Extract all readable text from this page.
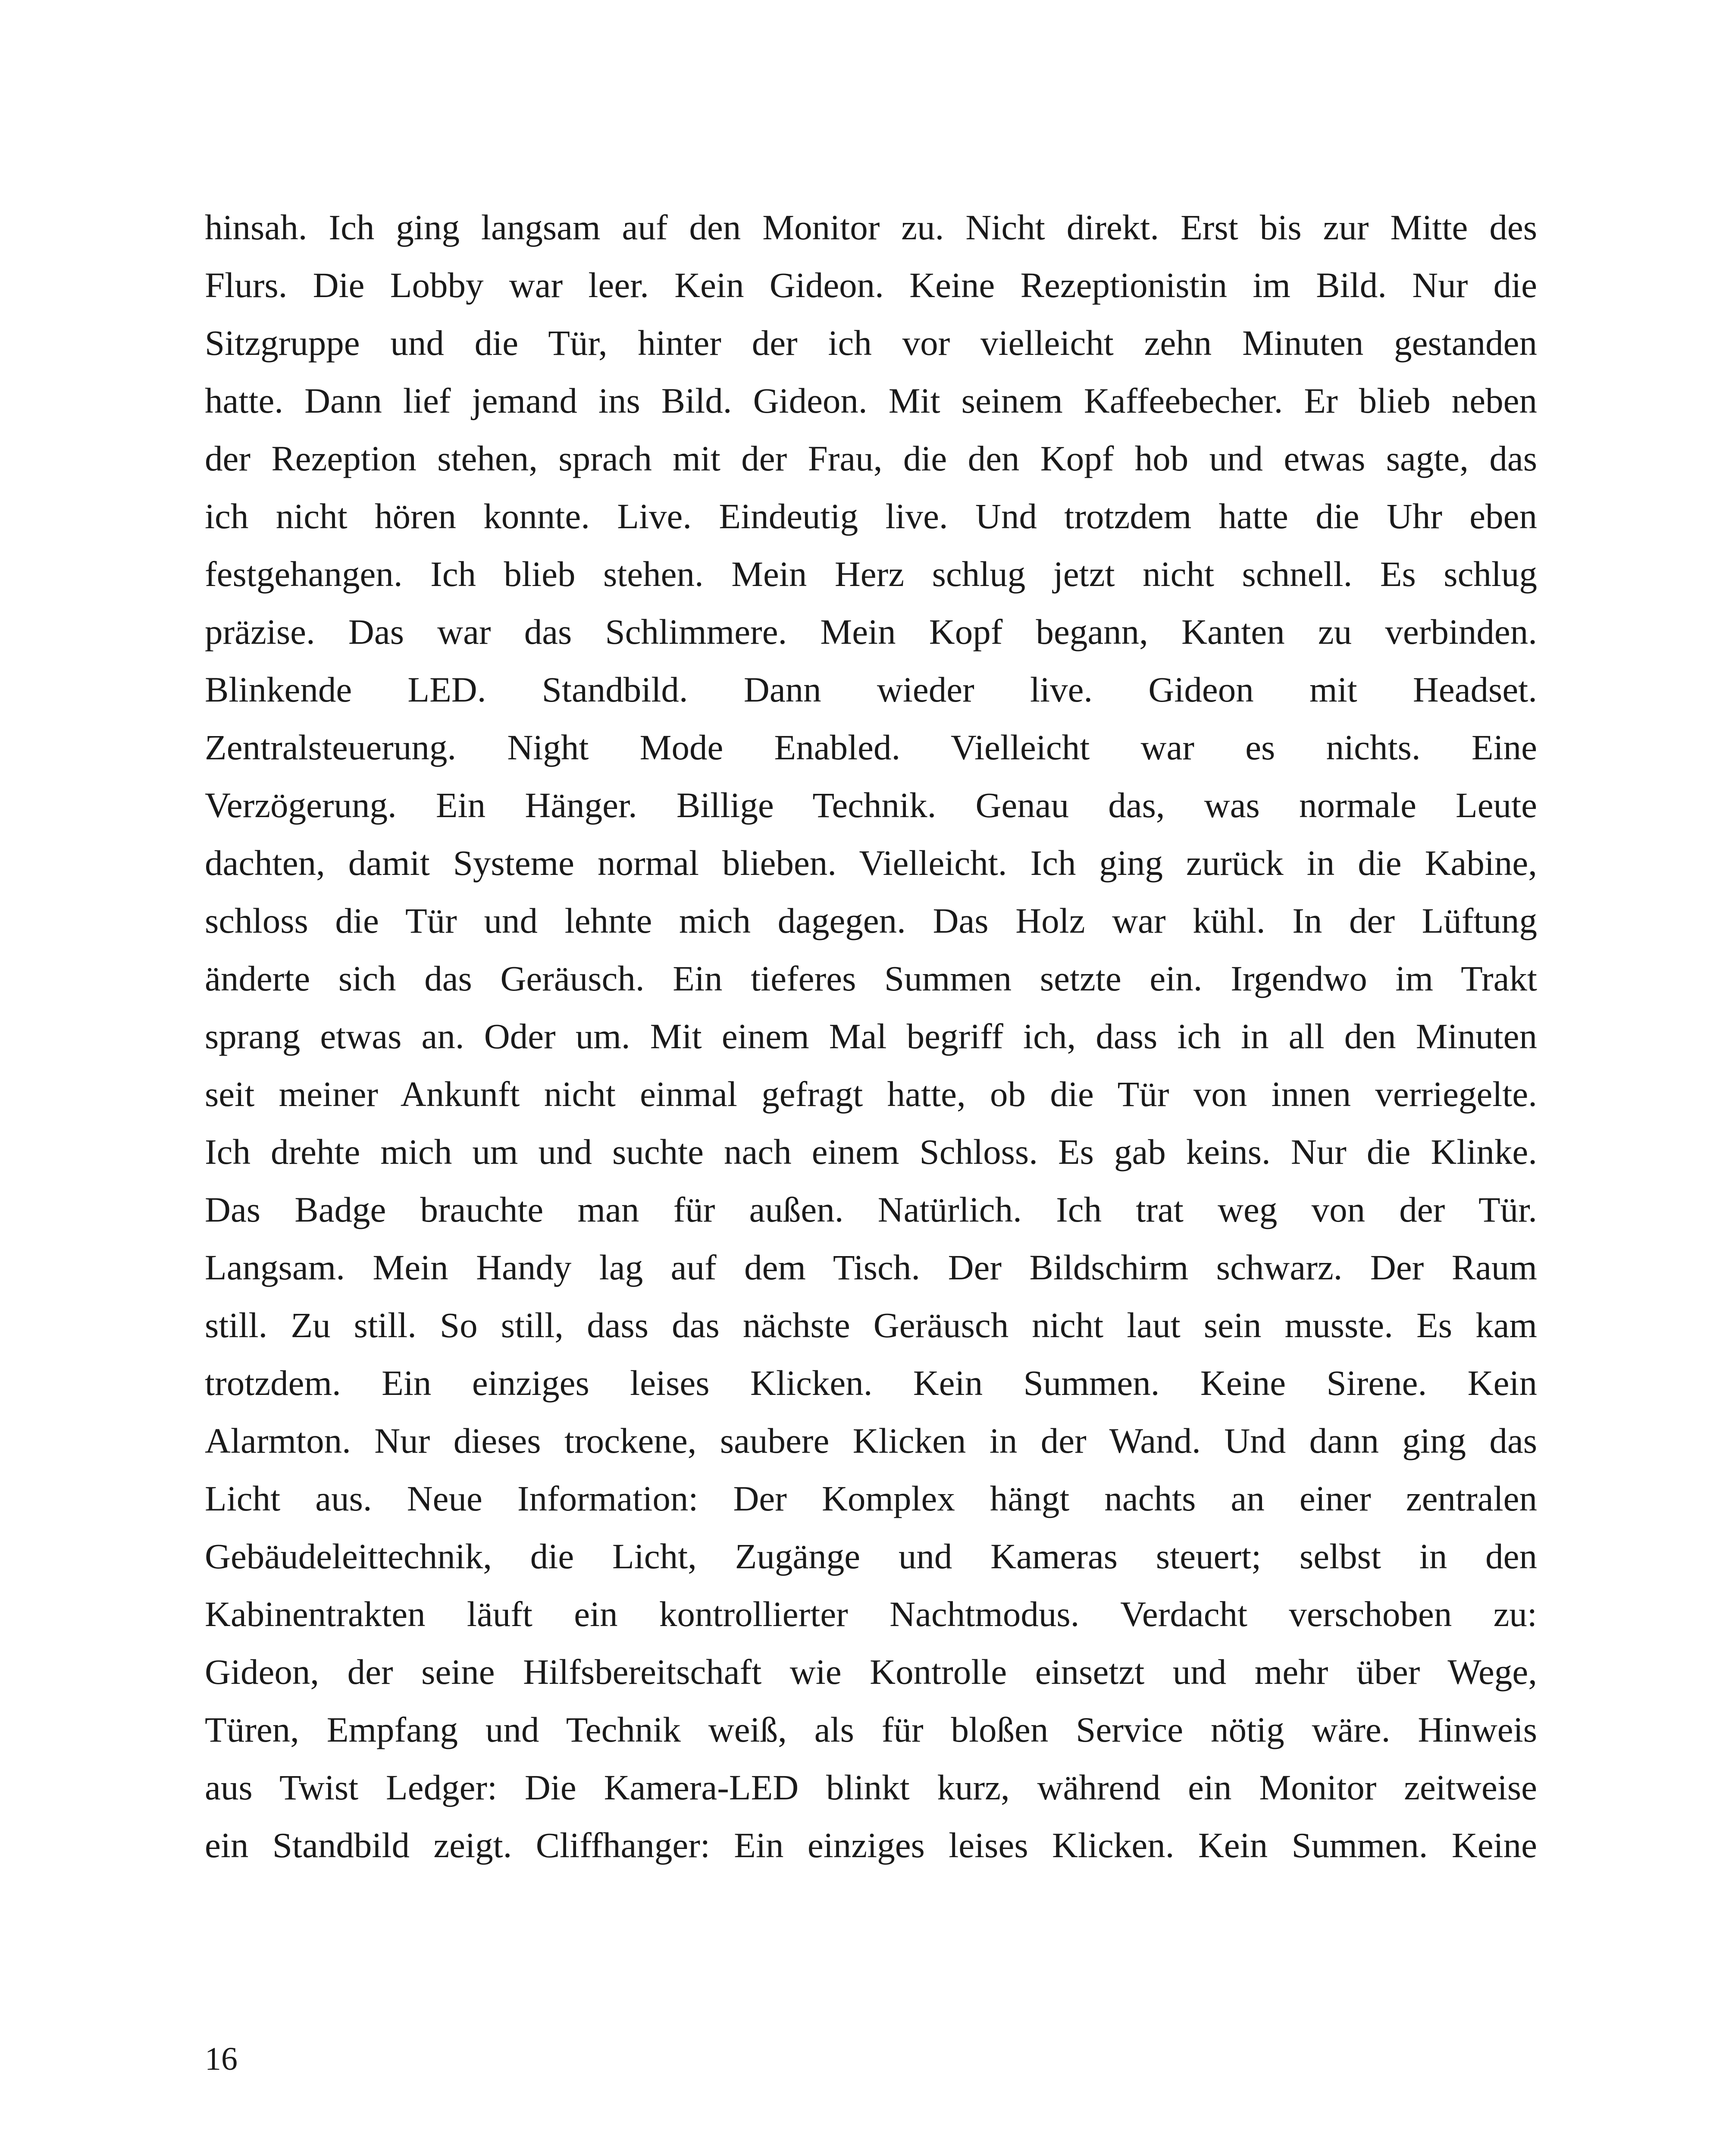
hinsah. Ich ging langsam auf den Monitor zu. Nicht direkt. Erst bis zur Mitte des
Flurs. Die Lobby war leer. Kein Gideon. Keine Rezeptionistin im Bild. Nur die
Sitzgruppe und die Tür, hinter der ich vor vielleicht zehn Minuten gestanden
hatte. Dann lief jemand ins Bild. Gideon. Mit seinem Kaffeebecher. Er blieb neben
der Rezeption stehen, sprach mit der Frau, die den Kopf hob und etwas sagte, das
ich nicht hören konnte. Live. Eindeutig live. Und trotzdem hatte die Uhr eben
festgehangen. Ich blieb stehen. Mein Herz schlug jetzt nicht schnell. Es schlug
präzise. Das war das Schlimmere. Mein Kopf begann, Kanten zu verbinden.
Blinkende LED. Standbild. Dann wieder live. Gideon mit Headset.
Zentralsteuerung. Night Mode Enabled. Vielleicht war es nichts. Eine
Verzögerung. Ein Hänger. Billige Technik. Genau das, was normale Leute
dachten, damit Systeme normal blieben. Vielleicht. Ich ging zurück in die Kabine,
schloss die Tür und lehnte mich dagegen. Das Holz war kühl. In der Lüftung
änderte sich das Geräusch. Ein tieferes Summen setzte ein. Irgendwo im Trakt
sprang etwas an. Oder um. Mit einem Mal begriff ich, dass ich in all den Minuten
seit meiner Ankunft nicht einmal gefragt hatte, ob die Tür von innen verriegelte.
Ich drehte mich um und suchte nach einem Schloss. Es gab keins. Nur die Klinke.
Das Badge brauchte man für außen. Natürlich. Ich trat weg von der Tür.
Langsam. Mein Handy lag auf dem Tisch. Der Bildschirm schwarz. Der Raum
still. Zu still. So still, dass das nächste Geräusch nicht laut sein musste. Es kam
trotzdem. Ein einziges leises Klicken. Kein Summen. Keine Sirene. Kein
Alarmton. Nur dieses trockene, saubere Klicken in der Wand. Und dann ging das
Licht aus. Neue Information: Der Komplex hängt nachts an einer zentralen
Gebäudeleittechnik, die Licht, Zugänge und Kameras steuert; selbst in den
Kabinentrakten läuft ein kontrollierter Nachtmodus. Verdacht verschoben zu:
Gideon, der seine Hilfsbereitschaft wie Kontrolle einsetzt und mehr über Wege,
Türen, Empfang und Technik weiß, als für bloßen Service nötig wäre. Hinweis
aus Twist Ledger: Die Kamera-LED blinkt kurz, während ein Monitor zeitweise
ein Standbild zeigt. Cliffhanger: Ein einziges leises Klicken. Kein Summen. Keine

16
